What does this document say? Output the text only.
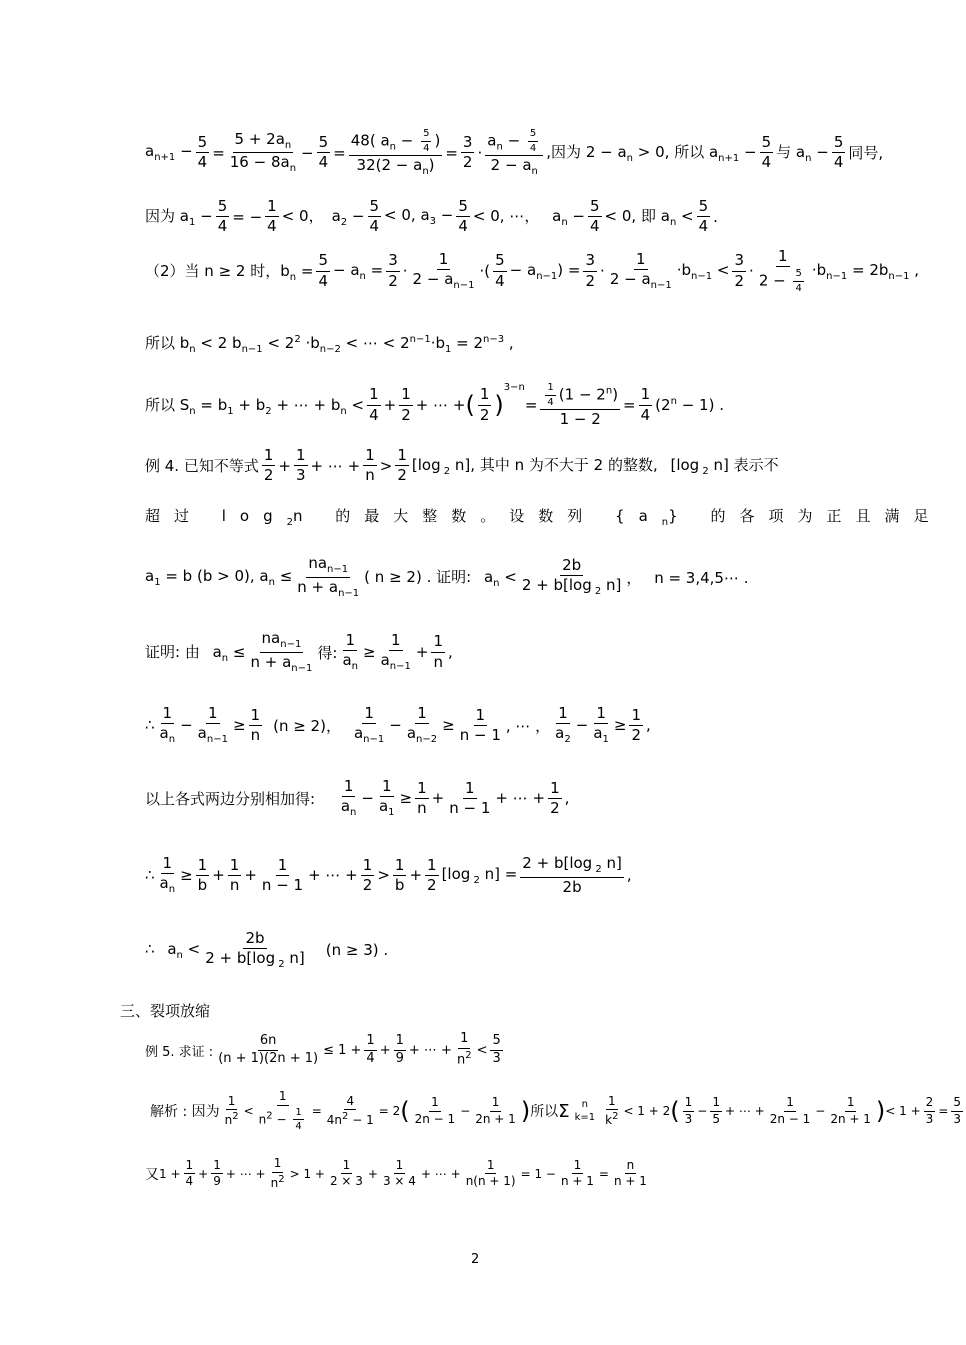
$a_{n+1} - \frac{5}{4} = \frac{5 + 2a_n}{16 - 8a_n} - \frac{5}{4} = \frac{48( a_n - \frac{5}{4} )}{32(2 - a_n)} = \frac{3}{2} \cdot \frac{a_n - \frac{5}{4}}{2 - a_n}$ ,因为 $2 - a_n > 0$, 所以 $a_{n+1} - \frac{5}{4}$ 与 $a_n - \frac{5}{4}$ 同号,
因为 $a_1 - \frac{5}{4}$ = − $\frac{1}{4} < 0$， $a_2 - \frac{5}{4} < 0$, $a_3 - \frac{5}{4} < 0$, ⋯， $a_n - \frac{5}{4} < 0$, 即 $a_n < \frac{5}{4}$ .
（2）当 n ≥ 2 时，$b_n = \frac{5}{4} - a_n = \frac{3}{2} \cdot \frac{1}{2 - a_{n-1}}$ ·( $\frac{5}{4} - a_{n-1}) = \frac{3}{2} \cdot \frac{1}{2 - a_{n-1}} \cdot b_{n-1} < \frac{3}{2} \cdot \frac{1}{2 - \frac{5}{4}} \cdot b_{n-1} = 2b_{n-1}$ ,
所以 $b_n < 2$ $b_{n-1} < 2^2 \cdot b_{n-2}$ < ⋯ < $2^{n-1}\cdot b_1 = 2^{n-3}$ ,
所以 $S_n = b_1 + b_2$ + ⋯ + $b_n < \frac{1}{4} + \frac{1}{2}$ + ⋯ + ( $\frac{1}{2}$ )
3−n
= $\frac{\frac{1}{4} (1 - 2^n)}{1 - 2} = \frac{1}{4} (2^n - 1)$ .
例 4. 已知不等式 $\frac{1}{2} + \frac{1}{3}$ + ⋯ + $\frac{1}{n} > \frac{1}{2} [\log$ $_2$ n], 其中 n 为不大于 2 的整数, [log $_2$ n] 表示不
超过 $\log_2n$ 的最大整数。设数列 $\{a_n\}$ 的各项为正且满足
$a_1 = b$ (b > 0), $a_n \le \frac{na_{n-1}}{n + a_{n-1}}$ ( n ≥ 2) . 证明: $a_n < \frac{2b}{2 + b[\log _2 n]}$ ， n = 3,4,5⋯ .
证明: 由 $a_n \le \frac{na_{n-1}}{n + a_{n-1}}$ 得: $\frac{1}{a_n} \ge \frac{1}{a_{n-1}} + \frac{1}{n}$ ,
∴ $\frac{1}{a_n} - \frac{1}{a_{n-1}} \ge \frac{1}{n} (n \ge 2)$， $\frac{1}{a_{n-1}} - \frac{1}{a_{n-2}} \ge \frac{1}{n - 1}$ , ⋯ ， $\frac{1}{a_2} - \frac{1}{a_1} \ge \frac{1}{2}$ ,
以上各式两边分别相加得:	$\frac{1}{a_n} - \frac{1}{a_1} \ge \frac{1}{n} + \frac{1}{n - 1}$ + ⋯ + $\frac{1}{2}$ ,
∴ $\frac{1}{a_n} \ge \frac{1}{b} + \frac{1}{n} + \frac{1}{n - 1}$ + ⋯ + $\frac{1}{2} > \frac{1}{b} + \frac{1}{2} [\log$ $_2$ $n] = \frac{2 + b[\log _2 n]}{2b}$ ,
∴ $a_n < \frac{2b}{2 + b[\log _2 n]}$	(n ≥ 3) .
三、裂项放缩
例 5. 求证 : $\frac{6n}{(n + 1)(2n + 1)} \le 1 + \frac{1}{4} + \frac{1}{9}$ + ⋯ + $\frac{1}{n^2} < \frac{5}{3}$
解析 : 因为 $\frac{1}{n^2} < \frac{1}{n^2 - \frac{1}{4}} = \frac{4}{4n^2 - 1} = 2$ ( $\frac{1}{2n - 1} - \frac{1}{2n + 1}$ ) 所以 Σ n
$k=1 \frac{1}{k^2} < 1 + 2$ ( $\frac{1}{3} - \frac{1}{5}$ + ⋯ + $\frac{1}{2n - 1} - \frac{1}{2n + 1}$ ) < $1 + \frac{2}{3} = \frac{5}{3}$
又 $1 + \frac{1}{4} + \frac{1}{9}$ + ⋯ + $\frac{1}{n^2} > 1 + \frac{1}{2 \times 3} + \frac{1}{3 \times 4}$ + ⋯ + $\frac{1}{n(n + 1)} = 1 - \frac{1}{n + 1} = \frac{n}{n + 1}$
2
